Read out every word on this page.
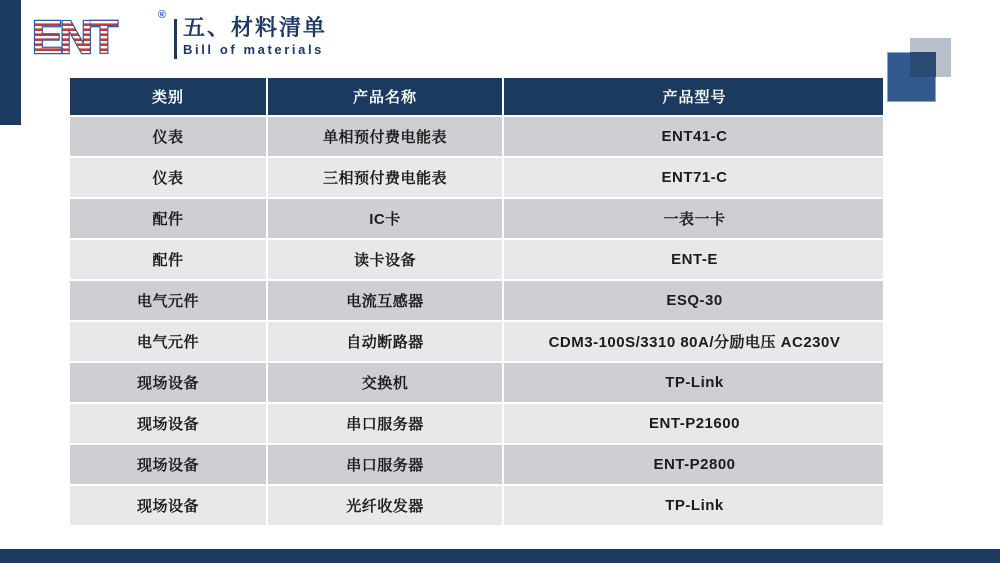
ENT	® 五、材料清单
Bill of materials
类别	产品名称	产品型号
仪表	单相预付费电能表	ENT41-C
仪表	三相预付费电能表	ENT71-C
配件	IC卡	一表一卡
配件	读卡设备	ENT-E
电气元件	电流互感器	ESQ-30
电气元件	自动断路器	CDM3-100S/3310 80A/分励电压 AC230V
现场设备	交换机	TP-Link
现场设备	串口服务器	ENT-P21600
现场设备	串口服务器	ENT-P2800
现场设备	光纤收发器	TP-Link
